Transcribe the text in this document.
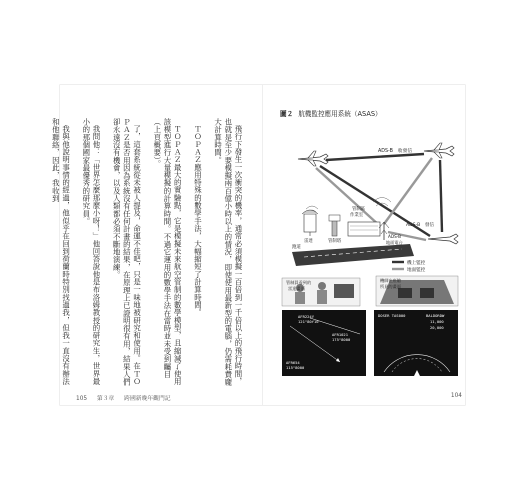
飛行下發生一次衝突的機率，通常必須模擬一百倍到一千倍以上的飛行時間，也就是至少要模擬兩百億小時以上的情況，即使使用最新型的電腦，仍需耗費龐大計算時間。

ＴＯＰＡＺ應用特殊的數學手法，大幅縮短了計算時間。

ＴＯＰＡＺ最大的實驗點，它是模擬未來航空管制的數學模型，且縮減了使用該模型進行大量模擬的計算時間。不過它運用的數學手法在當時並未受到矚目（上頁概要）。

了，這套系統從未被人提及，命運不佳吧，只是一味地被研究和使用。在ＴＯＰＡＺ是否用因為系統沒有任何計畫的結果，在原理上已證明很有用，結果人們卻永遠沒有機會，以及人類都必須不斷地演練。

我問他：「世界怎麼那麼小呀！」他回答說他是布洛姆教授的研究生，世界最小的那個國家最優秀的研究員。

我與他說明事情的經過，他似乎在回到荷蘭時特別找過我，但我一直沒有辦法和他聯絡，因此，我收到

105 第３章 跨國新晚年觀門記
圖２ 航機監控應用系統（ASAS）
ADS-B　收發信
ADS-B　發信
ADS-B 地面電台
雷達	管制塔
管制區作業室
跑道
機上監控
地面監控
管制員看到的雷達畫面
機師在座艙所見的畫面
AFR224Y
121^80f10
AFR1021
175^8000
AFR654
115^8000
DOSER TAS000	BALDORDW
11,000
20,000
104
